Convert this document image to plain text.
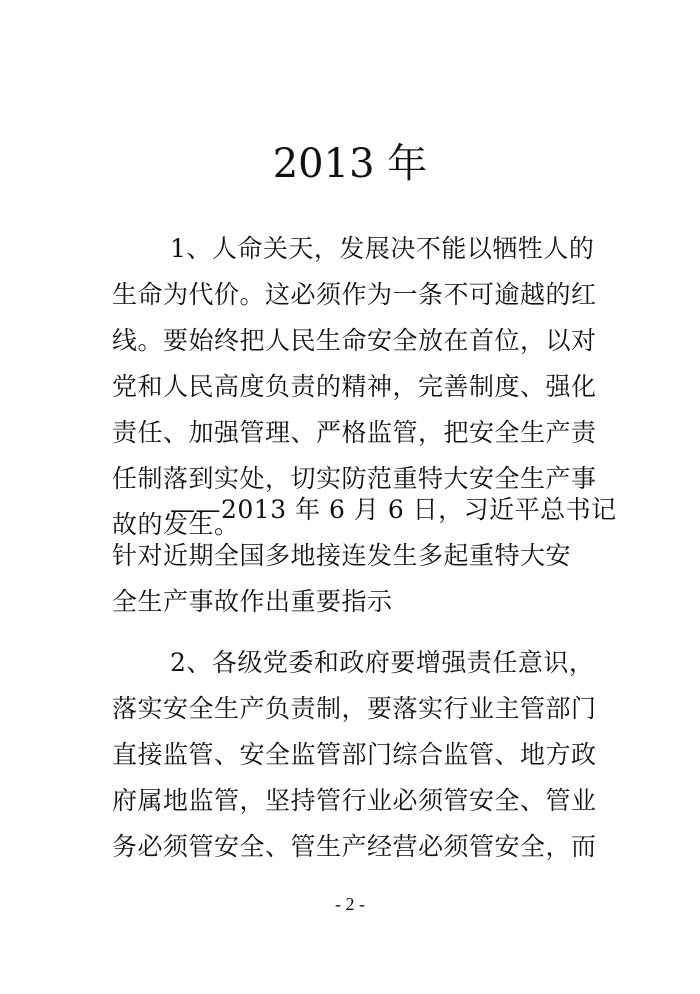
2013 年
1、人命关天，发展决不能以牺牲人的
生命为代价。这必须作为一条不可逾越的红
线。要始终把人民生命安全放在首位，以对
党和人民高度负责的精神，完善制度、强化
责任、加强管理、严格监管，把安全生产责
任制落到实处，切实防范重特大安全生产事
故的发生。
——2013 年 6 月 6 日，习近平总书记
针对近期全国多地接连发生多起重特大安
全生产事故作出重要指示
2、各级党委和政府要增强责任意识，
落实安全生产负责制，要落实行业主管部门
直接监管、安全监管部门综合监管、地方政
府属地监管，坚持管行业必须管安全、管业
务必须管安全、管生产经营必须管安全，而
- 2 -
